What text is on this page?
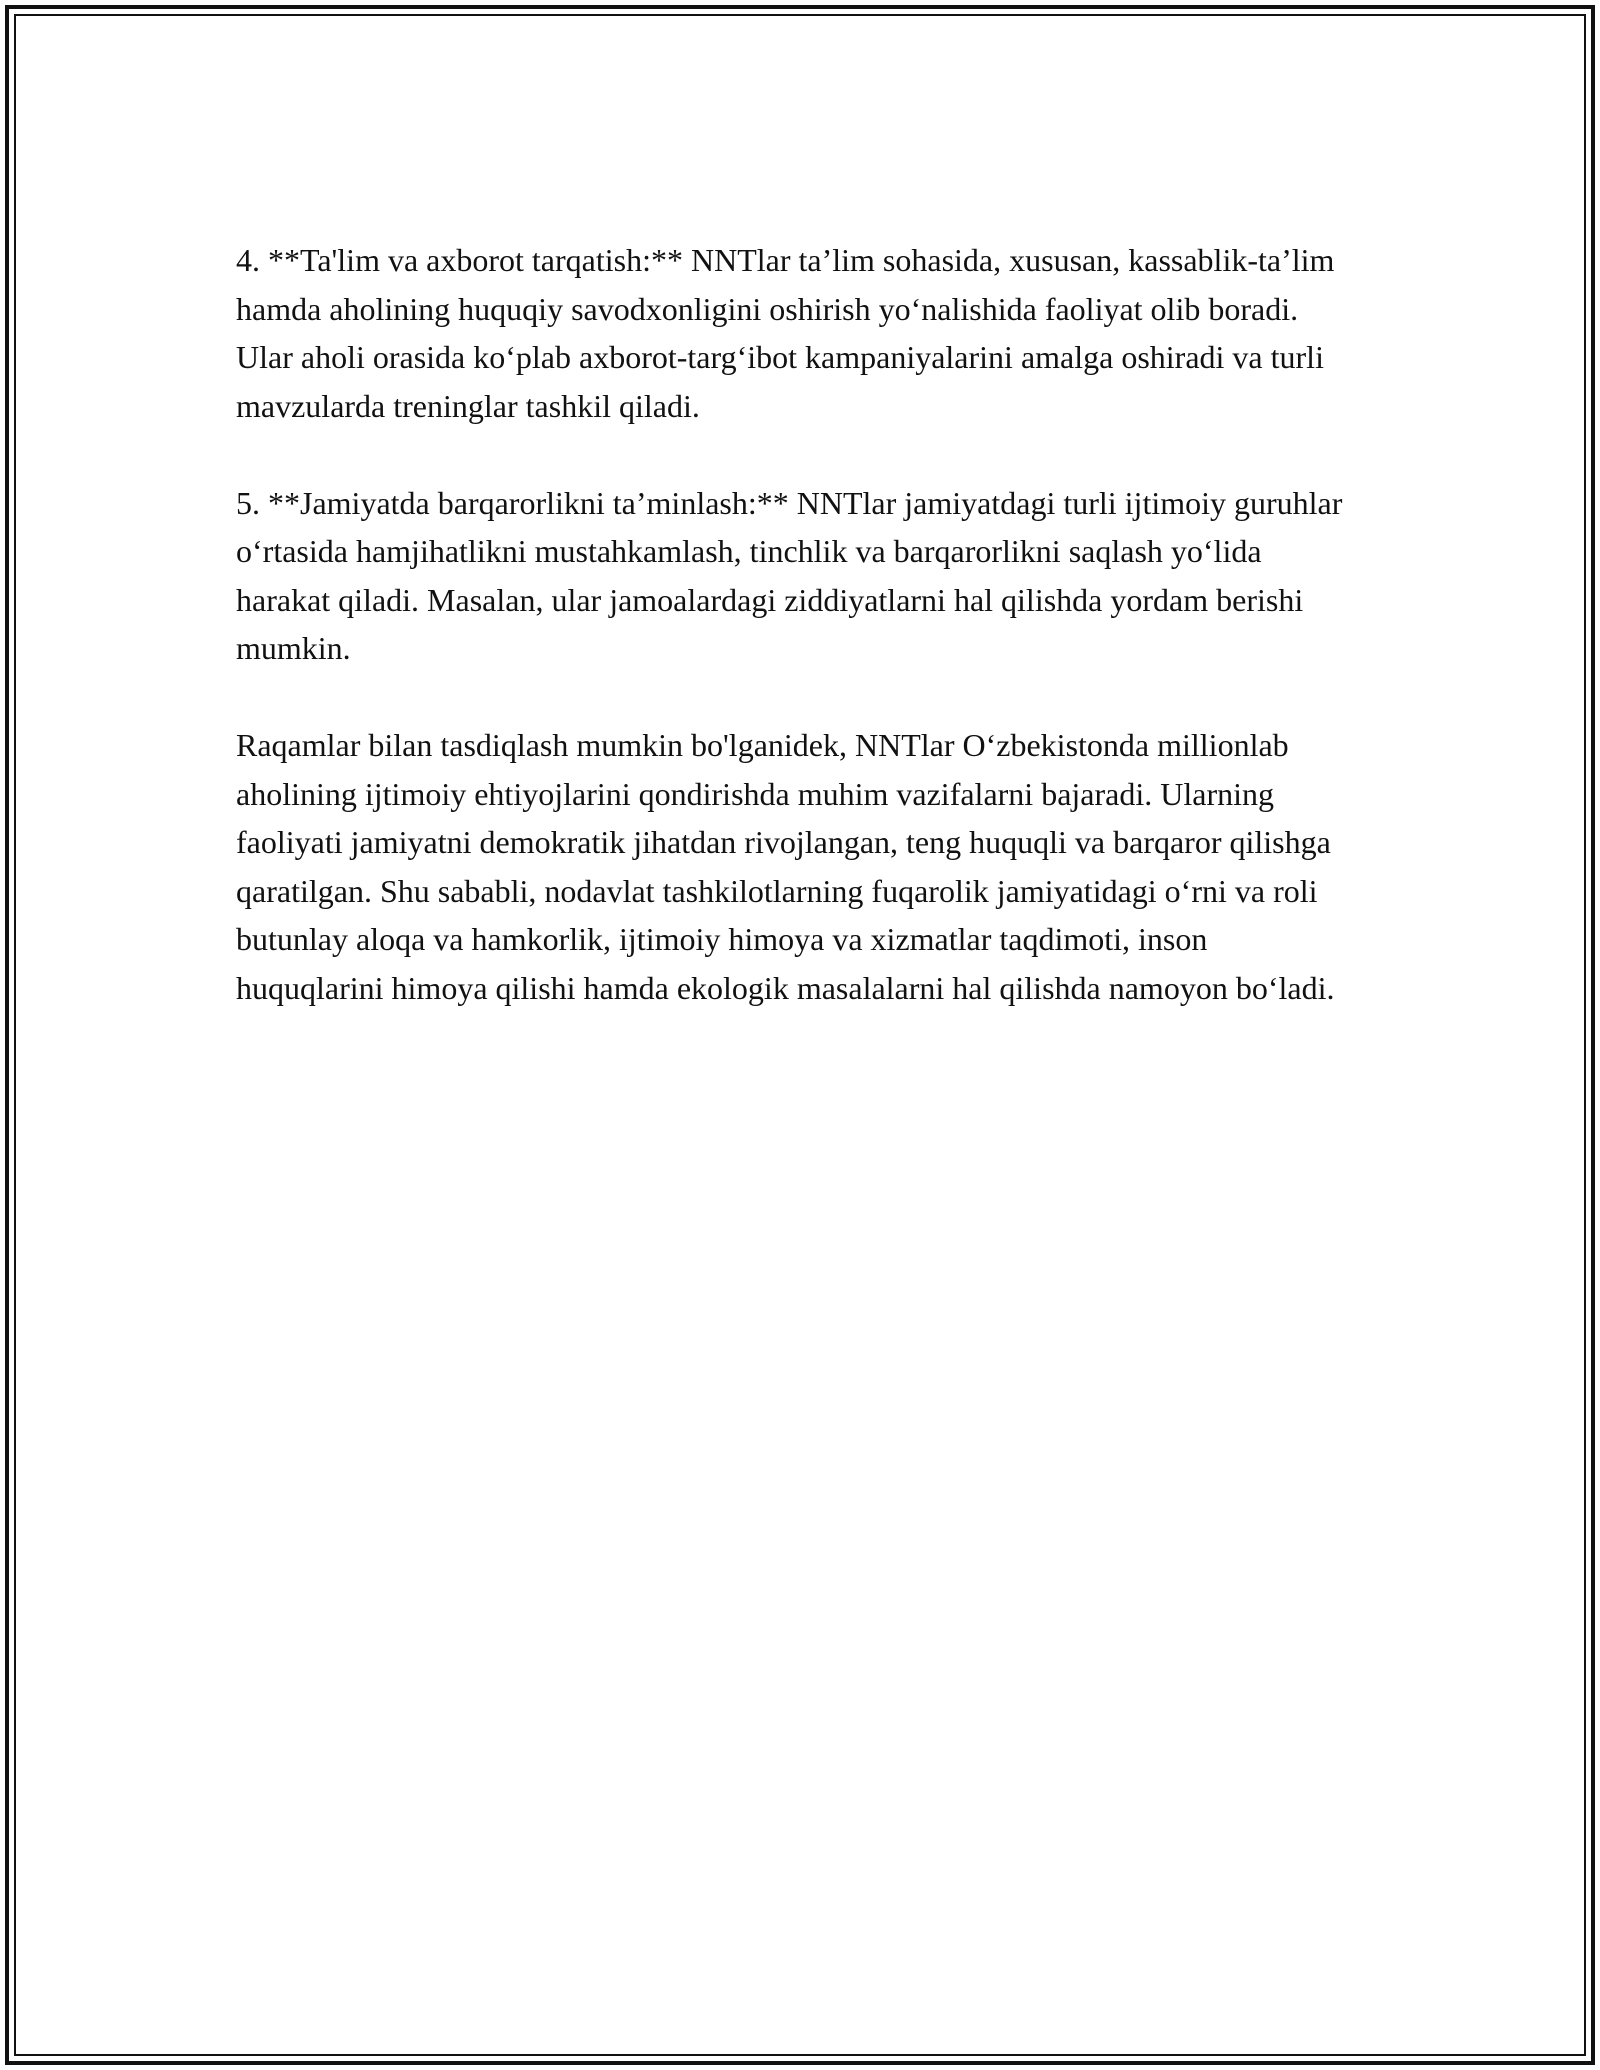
4. **Ta'lim va axborot tarqatish:** NNTlar ta’lim sohasida, xususan, kassablik-ta’lim hamda aholining huquqiy savodxonligini oshirish yo‘nalishida faoliyat olib boradi. Ular aholi orasida ko‘plab axborot-targ‘ibot kampaniyalarini amalga oshiradi va turli mavzularda treninglar tashkil qiladi.

5. **Jamiyatda barqarorlikni ta’minlash:** NNTlar jamiyatdagi turli ijtimoiy guruhlar o‘rtasida hamjihatlikni mustahkamlash, tinchlik va barqarorlikni saqlash yo‘lida harakat qiladi. Masalan, ular jamoalardagi ziddiyatlarni hal qilishda yordam berishi mumkin.

Raqamlar bilan tasdiqlash mumkin bo'lganidek, NNTlar O‘zbekistonda millionlab aholining ijtimoiy ehtiyojlarini qondirishda muhim vazifalarni bajaradi. Ularning faoliyati jamiyatni demokratik jihatdan rivojlangan, teng huquqli va barqaror qilishga qaratilgan. Shu sababli, nodavlat tashkilotlarning fuqarolik jamiyatidagi o‘rni va roli butunlay aloqa va hamkorlik, ijtimoiy himoya va xizmatlar taqdimoti, inson huquqlarini himoya qilishi hamda ekologik masalalarni hal qilishda namoyon bo‘ladi.
